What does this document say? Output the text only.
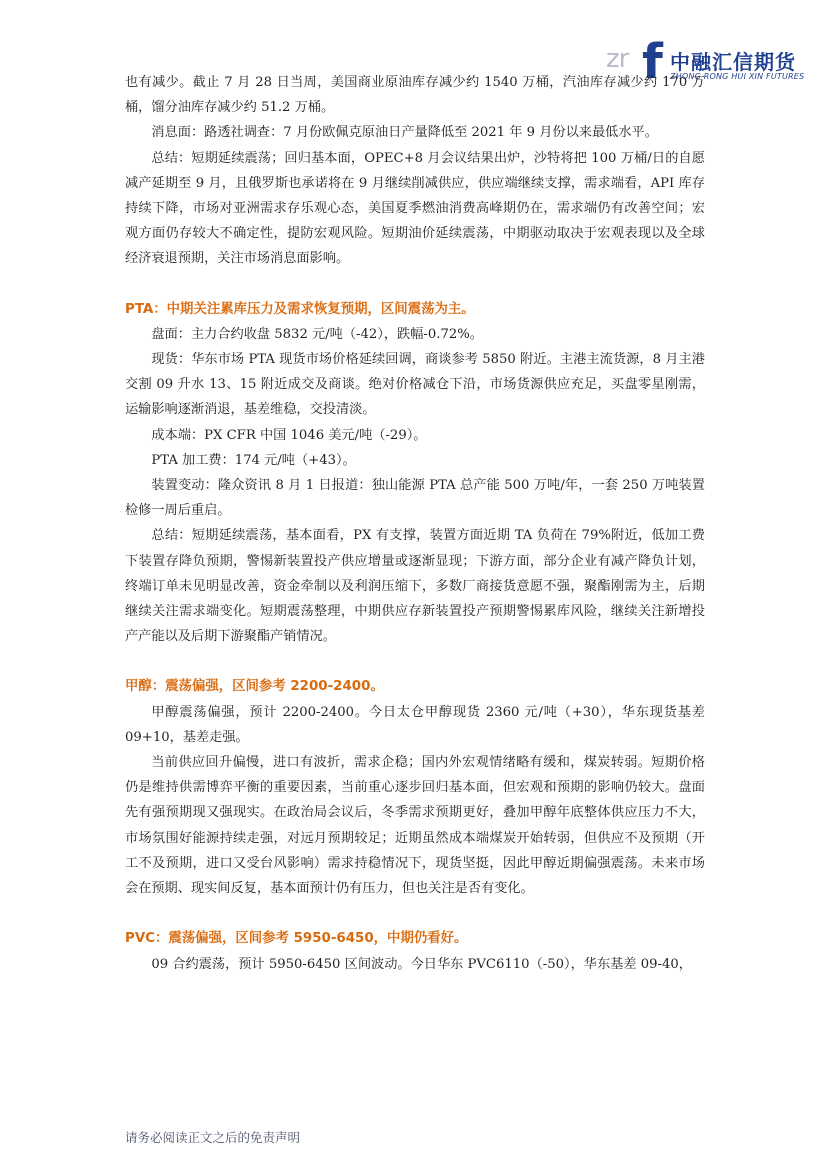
zr f 中融汇信期货
ZHONG RONG HUI XIN FUTURES

也有减少。截止 7 月 28 日当周，美国商业原油库存减少约 1540 万桶，汽油库存减少约 170 万桶，馏分油库存减少约 51.2 万桶。

消息面：路透社调查：7 月份欧佩克原油日产量降低至 2021 年 9 月份以来最低水平。

总结：短期延续震荡；回归基本面，OPEC+8 月会议结果出炉，沙特将把 100 万桶/日的自愿减产延期至 9 月，且俄罗斯也承诺将在 9 月继续削减供应，供应端继续支撑，需求端看，API 库存持续下降，市场对亚洲需求存乐观心态，美国夏季燃油消费高峰期仍在，需求端仍有改善空间；宏观方面仍存较大不确定性，提防宏观风险。短期油价延续震荡，中期驱动取决于宏观表现以及全球经济衰退预期，关注市场消息面影响。

PTA：中期关注累库压力及需求恢复预期，区间震荡为主。

盘面：主力合约收盘 5832 元/吨（-42），跌幅-0.72%。

现货：华东市场 PTA 现货市场价格延续回调，商谈参考 5850 附近。主港主流货源，8 月主港交割 09 升水 13、15 附近成交及商谈。绝对价格减仓下沿，市场货源供应充足，买盘零星刚需，运输影响逐渐消退，基差维稳，交投清淡。

成本端：PX CFR 中国 1046 美元/吨（-29）。

PTA 加工费：174 元/吨（+43）。

装置变动：隆众资讯 8 月 1 日报道：独山能源 PTA 总产能 500 万吨/年，一套 250 万吨装置检修一周后重启。

总结：短期延续震荡，基本面看，PX 有支撑，装置方面近期 TA 负荷在 79%附近，低加工费下装置存降负预期，警惕新装置投产供应增量或逐渐显现；下游方面，部分企业有减产降负计划，终端订单未见明显改善，资金牵制以及利润压缩下，多数厂商接货意愿不强，聚酯刚需为主，后期继续关注需求端变化。短期震荡整理，中期供应存新装置投产预期警惕累库风险，继续关注新增投产产能以及后期下游聚酯产销情况。

甲醇：震荡偏强，区间参考 2200-2400。

甲醇震荡偏强，预计 2200-2400。今日太仓甲醇现货 2360 元/吨（+30），华东现货基差 09+10，基差走强。

当前供应回升偏慢，进口有波折，需求企稳；国内外宏观情绪略有缓和，煤炭转弱。短期价格仍是维持供需博弈平衡的重要因素，当前重心逐步回归基本面，但宏观和预期的影响仍较大。盘面先有强预期现又强现实。在政治局会议后，冬季需求预期更好，叠加甲醇年底整体供应压力不大，市场氛围好能源持续走强，对远月预期较足；近期虽然成本端煤炭开始转弱，但供应不及预期（开工不及预期，进口又受台风影响）需求持稳情况下，现货坚挺，因此甲醇近期偏强震荡。未来市场会在预期、现实间反复，基本面预计仍有压力，但也关注是否有变化。

PVC：震荡偏强，区间参考 5950-6450，中期仍看好。

09 合约震荡，预计 5950-6450 区间波动。今日华东 PVC6110（-50），华东基差 09-40，

请务必阅读正文之后的免责声明
